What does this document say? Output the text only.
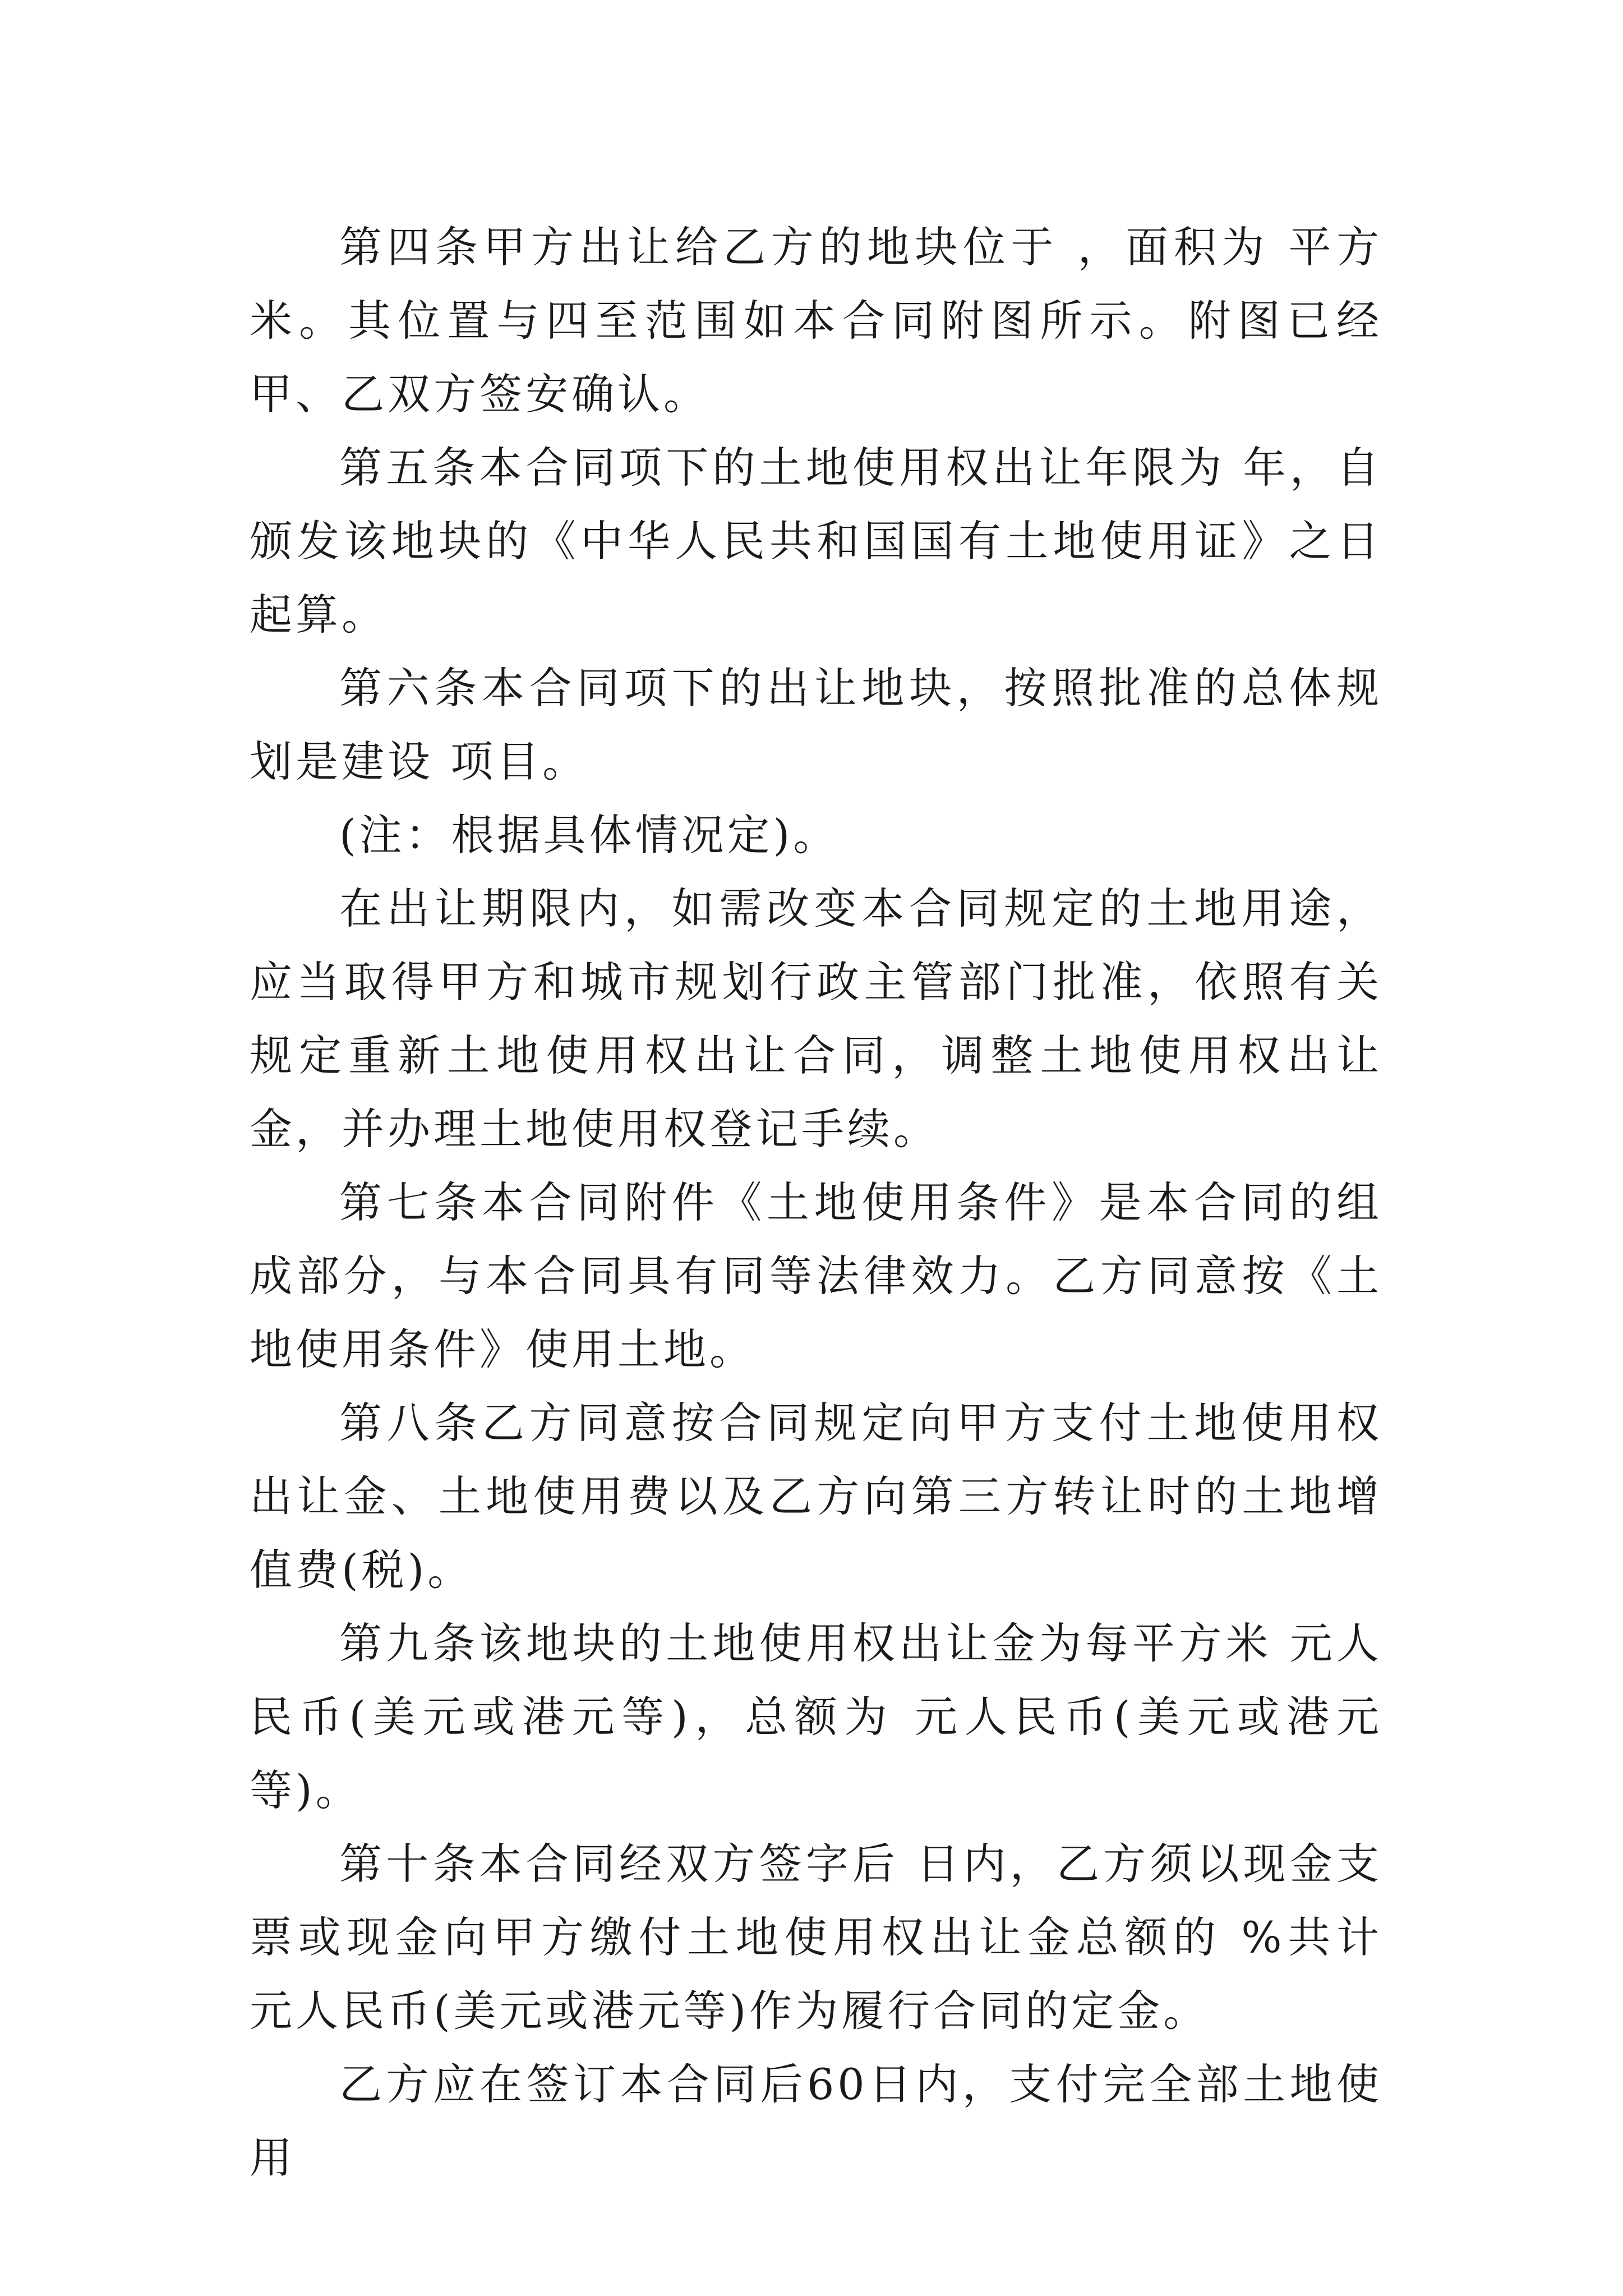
第四条甲方出让给乙方的地块位于 ，面积为 平方米。其位置与四至范围如本合同附图所示。附图已经甲、乙双方签安确认。

第五条本合同项下的土地使用权出让年限为 年，自颁发该地块的《中华人民共和国国有土地使用证》之日起算。

第六条本合同项下的出让地块，按照批准的总体规划是建设 项目。

(注：根据具体情况定)。

在出让期限内，如需改变本合同规定的土地用途，应当取得甲方和城市规划行政主管部门批准，依照有关规定重新土地使用权出让合同，调整土地使用权出让金，并办理土地使用权登记手续。

第七条本合同附件《土地使用条件》是本合同的组成部分，与本合同具有同等法律效力。乙方同意按《土地使用条件》使用土地。

第八条乙方同意按合同规定向甲方支付土地使用权出让金、土地使用费以及乙方向第三方转让时的土地增值费(税)。

第九条该地块的土地使用权出让金为每平方米 元人民币(美元或港元等)，总额为 元人民币(美元或港元等)。

第十条本合同经双方签字后 日内，乙方须以现金支票或现金向甲方缴付土地使用权出让金总额的 %共计 元人民币(美元或港元等)作为履行合同的定金。

乙方应在签订本合同后60日内，支付完全部土地使用
